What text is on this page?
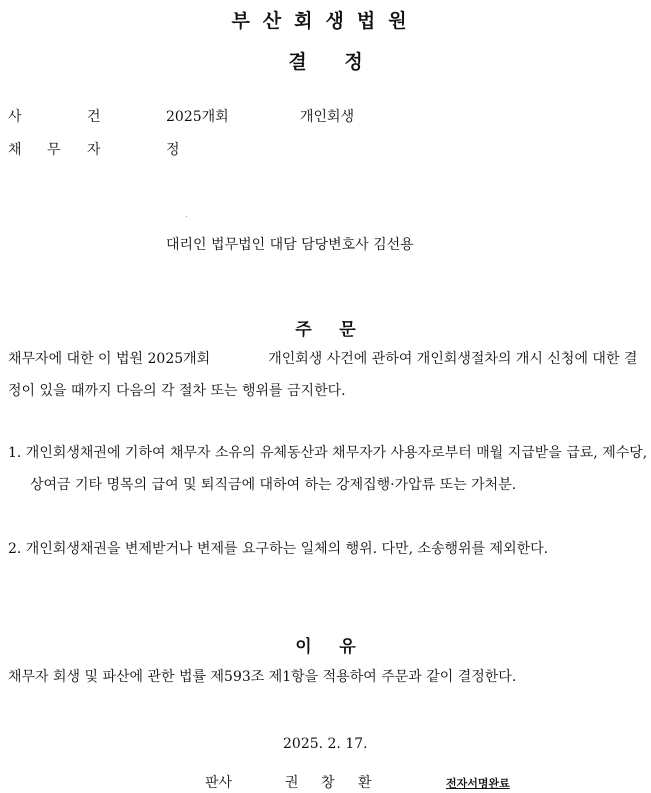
부산회생법원
결 정
사	건	2025개회	개인회생
채 무 자	정
대리인 법무법인 대담 담당변호사 김선용
주 문
채무자에 대한 이 법원 2025개회	개인회생 사건에 관하여 개인회생절차의 개시 신청에 대한 결정이 있을 때까지 다음의 각 절차 또는 행위를 금지한다.
1. 개인회생채권에 기하여 채무자 소유의 유체동산과 채무자가 사용자로부터 매월 지급받을 급료, 제수당, 상여금 기타 명목의 급여 및 퇴직금에 대하여 하는 강제집행·가압류 또는 가처분.
2. 개인회생채권을 변제받거나 변제를 요구하는 일체의 행위. 다만, 소송행위를 제외한다.
이 유
채무자 회생 및 파산에 관한 법률 제593조 제1항을 적용하여 주문과 같이 결정한다.
2025. 2. 17.
판사	권 창 환	전자서명완료
